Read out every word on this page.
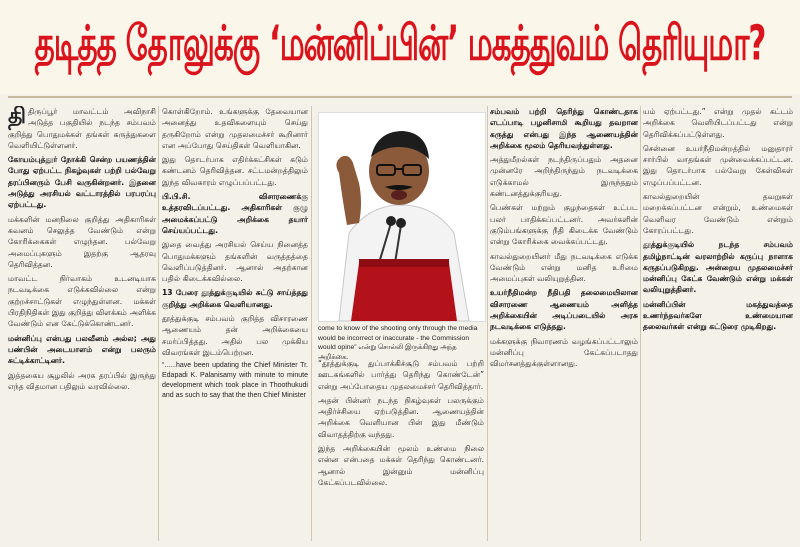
தடித்த தோலுக்கு ‘மன்னிப்பின்’ மகத்துவம் தெரியுமா?

திதிருப்பூர் மாவட்டம் அவிநாசி அடுத்த பகுதியில் நடந்த சம்பவம் குறித்து பொதுமக்கள் தங்கள் கருத்துகளை வெளியிட்டுள்ளனர்.

கோயம்புத்தூர் நோக்கி சென்ற பயணத்தின் போது ஏற்பட்ட நிகழ்வுகள் பற்றி பல்வேறு தரப்பினரும் பேசி வருகின்றனர். இதனை அடுத்து அரசியல் வட்டாரத்தில் பரபரப்பு ஏற்பட்டது.

மக்களின் மனநிலை குறித்து அதிகாரிகள் கவனம் செலுத்த வேண்டும் என்று கோரிக்கைகள் எழுந்தன. பல்வேறு அமைப்புகளும் இதற்கு ஆதரவு தெரிவித்தன.

மாவட்ட நிர்வாகம் உடனடியாக நடவடிக்கை எடுக்கவில்லை என்று குற்றச்சாட்டுகள் எழுந்துள்ளன. மக்கள் பிரதிநிதிகள் இது குறித்து விளக்கம் அளிக்க வேண்டும் என கேட்டுக்கொண்டனர்.

மன்னிப்பு என்பது பலவீனம் அல்ல; அது பண்பின் அடையாளம் என்று பலரும் சுட்டிக்காட்டினர்.

இத்தகைய சூழலில் அரசு தரப்பில் இருந்து எந்த விதமான பதிலும் வரவில்லை.

கொள்கிறோம். உங்களுக்கு தேவையான அனைத்து உதவிகளையும் செய்து தருகிறோம் என்று முதலமைச்சர் கூறினார் என அப்போது செய்திகள் வெளியாகின.

இது தொடர்பாக எதிர்க்கட்சிகள் கடும் கண்டனம் தெரிவித்தன. சட்டமன்றத்திலும் இந்த விவகாரம் எழுப்பப்பட்டது.

பி.பி.சி. விசாரணைக்கு உத்தரவிடப்பட்டது. அதிகாரிகள் குழு அமைக்கப்பட்டு அறிக்கை தயார் செய்யப்பட்டது.

இதை வைத்து அரசியல் செய்ய நினைத்த பொதுமக்களும் தங்களின் வருத்தத்தை வெளிப்படுத்தினர். ஆனால் அதற்கான பதில் கிடைக்கவில்லை.

13 பேரை தூத்துக்குடியில் சுட்டு சாய்த்தது குறித்து அறிக்கை வெளியானது.

தூத்துக்குடி சம்பவம் குறித்த விசாரணை ஆணையம் தன் அறிக்கையை சமர்ப்பித்தது. அதில் பல முக்கிய விவரங்கள் இடம்பெற்றன.

“......have been updating the Chief Minister Tr. Edapadi K. Palanisamy with minute to minute development which took place in Thoothukudi and as such to say that the then Chief Minister

come to know of the shooting only through the media would be incorrect or inaccurate - the Commission would opine” என்று சொல்லி இருக்கிறது அந்த அறிக்கை.

“தூத்துக்குடி துப்பாக்கிச்சூடு சம்பவம் பற்றி ஊடகங்களில் பார்த்து தெரிந்து கொண்டேன்” என்று அப்போதைய முதலமைச்சர் தெரிவித்தார்.

அதன் பின்னர் நடந்த நிகழ்வுகள் பலருக்கும் அதிர்ச்சியை ஏற்படுத்தின. ஆணையத்தின் அறிக்கை வெளியான பின் இது மீண்டும் விவாதத்திற்கு வந்தது.

இந்த அறிக்கையின் மூலம் உண்மை நிலை என்ன என்பதை மக்கள் தெரிந்து கொண்டனர். ஆனால் இன்னும் மன்னிப்பு கேட்கப்படவில்லை.

சம்பவம் பற்றி தெரிந்து கொண்டதாக எடப்பாடி பழனிசாமி கூறியது தவறான கருத்து என்பது இந்த ஆணையத்தின் அறிக்கை மூலம் தெரியவந்துள்ளது.

அத்துமீறல்கள் நடந்திருப்பதும் அதனை முன்னரே அறிந்திருந்தும் நடவடிக்கை எடுக்காமல் இருந்ததும் கண்டனத்துக்குரியது.

பெண்கள் மற்றும் குழந்தைகள் உட்பட பலர் பாதிக்கப்பட்டனர். அவர்களின் குடும்பங்களுக்கு நீதி கிடைக்க வேண்டும் என்று கோரிக்கை வைக்கப்பட்டது.

காவல்துறையினர் மீது நடவடிக்கை எடுக்க வேண்டும் என்று மனித உரிமை அமைப்புகள் வலியுறுத்தின.

உயர்நீதிமன்ற நீதிபதி தலைமையிலான விசாரணை ஆணையம் அளித்த அறிக்கையின் அடிப்படையில் அரசு நடவடிக்கை எடுத்தது.

மக்களுக்கு நிவாரணம் வழங்கப்பட்டாலும் மன்னிப்பு கேட்கப்படாதது விமர்சனத்துக்குள்ளானது.

யம் ஏற்பட்டது.” என்று முதல் கட்டம் அறிக்கை வெளியிடப்பட்டது என்று தெரிவிக்கப்பட்டுள்ளது.

சென்னை உயர்நீதிமன்றத்தில் மனுதாரர் சார்பில் வாதங்கள் முன்வைக்கப்பட்டன. இது தொடர்பாக பல்வேறு கேள்விகள் எழுப்பப்பட்டன.

காவல்துறையின் தவறுகள் மறைக்கப்பட்டன என்றும், உண்மைகள் வெளிவர வேண்டும் என்றும் கோரப்பட்டது.

தூத்துக்குடியில் நடந்த சம்பவம் தமிழ்நாட்டின் வரலாற்றில் கருப்பு நாளாக கருதப்படுகிறது. அன்றைய முதலமைச்சர் மன்னிப்பு கேட்க வேண்டும் என்று மக்கள் வலியுறுத்தினர்.

மன்னிப்பின் மகத்துவத்தை உணர்ந்தவர்களே உண்மையான தலைவர்கள் என்று கட்டுரை முடிகிறது.
